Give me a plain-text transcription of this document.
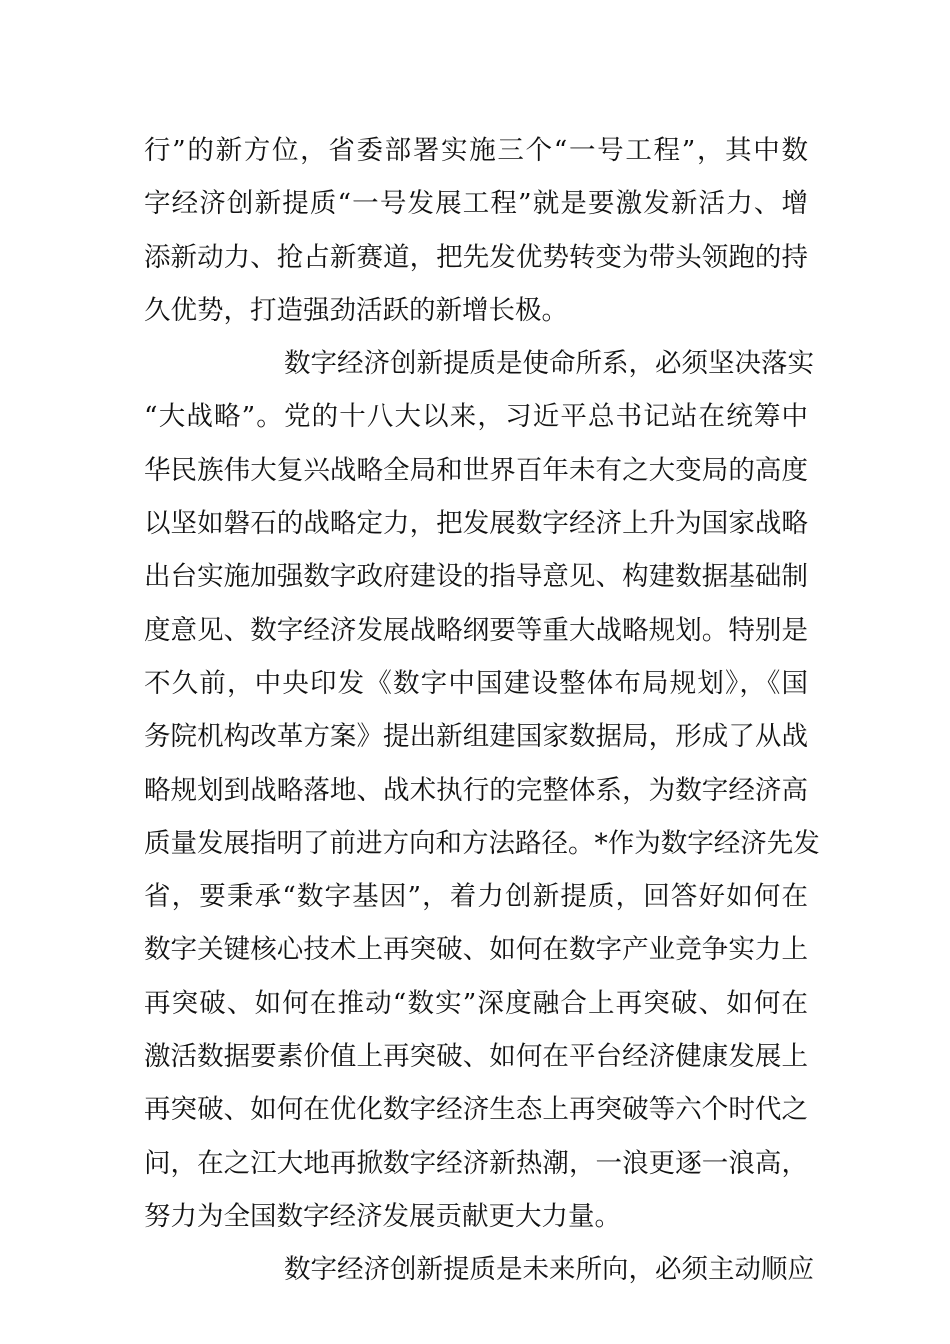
行”的新方位，省委部署实施三个“一号工程”，其中数
字经济创新提质“一号发展工程”就是要激发新活力、增
添新动力、抢占新赛道，把先发优势转变为带头领跑的持
久优势，打造强劲活跃的新增长极。
数字经济创新提质是使命所系，必须坚决落实
“大战略”。党的十八大以来，习近平总书记站在统筹中
华民族伟大复兴战略全局和世界百年未有之大变局的高度
以坚如磐石的战略定力，把发展数字经济上升为国家战略
出台实施加强数字政府建设的指导意见、构建数据基础制
度意见、数字经济发展战略纲要等重大战略规划。特别是
不久前，中央印发《数字中国建设整体布局规划》，《国
务院机构改革方案》提出新组建国家数据局，形成了从战
略规划到战略落地、战术执行的完整体系，为数字经济高
质量发展指明了前进方向和方法路径。*作为数字经济先发
省，要秉承“数字基因”，着力创新提质，回答好如何在
数字关键核心技术上再突破、如何在数字产业竞争实力上
再突破、如何在推动“数实”深度融合上再突破、如何在
激活数据要素价值上再突破、如何在平台经济健康发展上
再突破、如何在优化数字经济生态上再突破等六个时代之
问，在之江大地再掀数字经济新热潮，一浪更逐一浪高，
努力为全国数字经济发展贡献更大力量。
数字经济创新提质是未来所向，必须主动顺应
